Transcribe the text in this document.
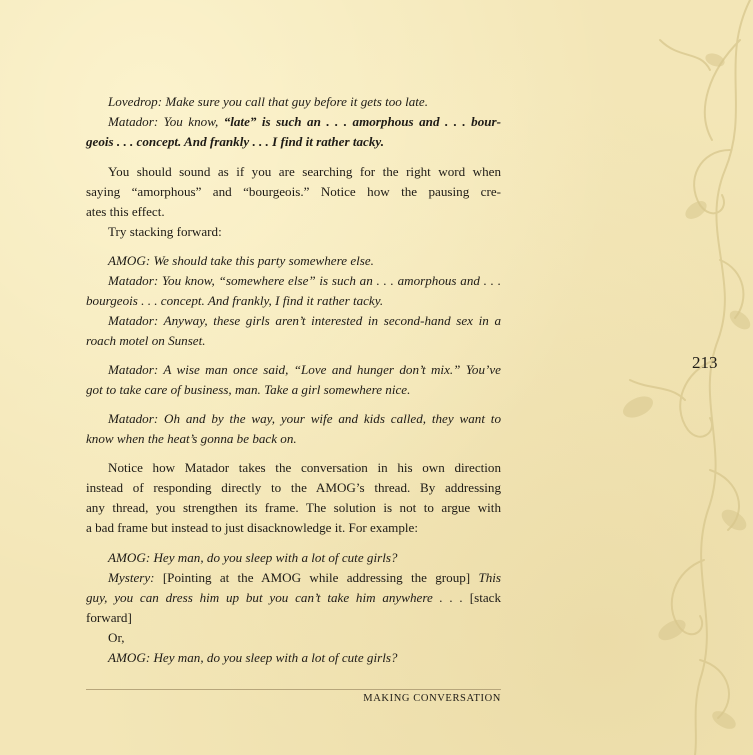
Lovedrop: Make sure you call that guy before it gets too late.
Matador: You know, “late” is such an . . . amorphous and . . . bour-
geois . . . concept. And frankly . . . I find it rather tacky.
You should sound as if you are searching for the right word when
saying “amorphous” and “bourgeois.” Notice how the pausing cre-
ates this effect.
Try stacking forward:
AMOG: We should take this party somewhere else.
Matador: You know, “somewhere else” is such an . . . amorphous and . . .
bourgeois . . . concept. And frankly, I find it rather tacky.
Matador: Anyway, these girls aren’t interested in second-hand sex in a
roach motel on Sunset.
Matador: A wise man once said, “Love and hunger don’t mix.” You’ve
got to take care of business, man. Take a girl somewhere nice.
Matador: Oh and by the way, your wife and kids called, they want to
know when the heat’s gonna be back on.
Notice how Matador takes the conversation in his own direction
instead of responding directly to the AMOG’s thread. By addressing
any thread, you strengthen its frame. The solution is not to argue with
a bad frame but instead to just disacknowledge it. For example:
AMOG: Hey man, do you sleep with a lot of cute girls?
Mystery: [Pointing at the AMOG while addressing the group] This
guy, you can dress him up but you can’t take him anywhere . . . [stack
forward]
Or,
AMOG: Hey man, do you sleep with a lot of cute girls?
213
MAKING CONVERSATION
